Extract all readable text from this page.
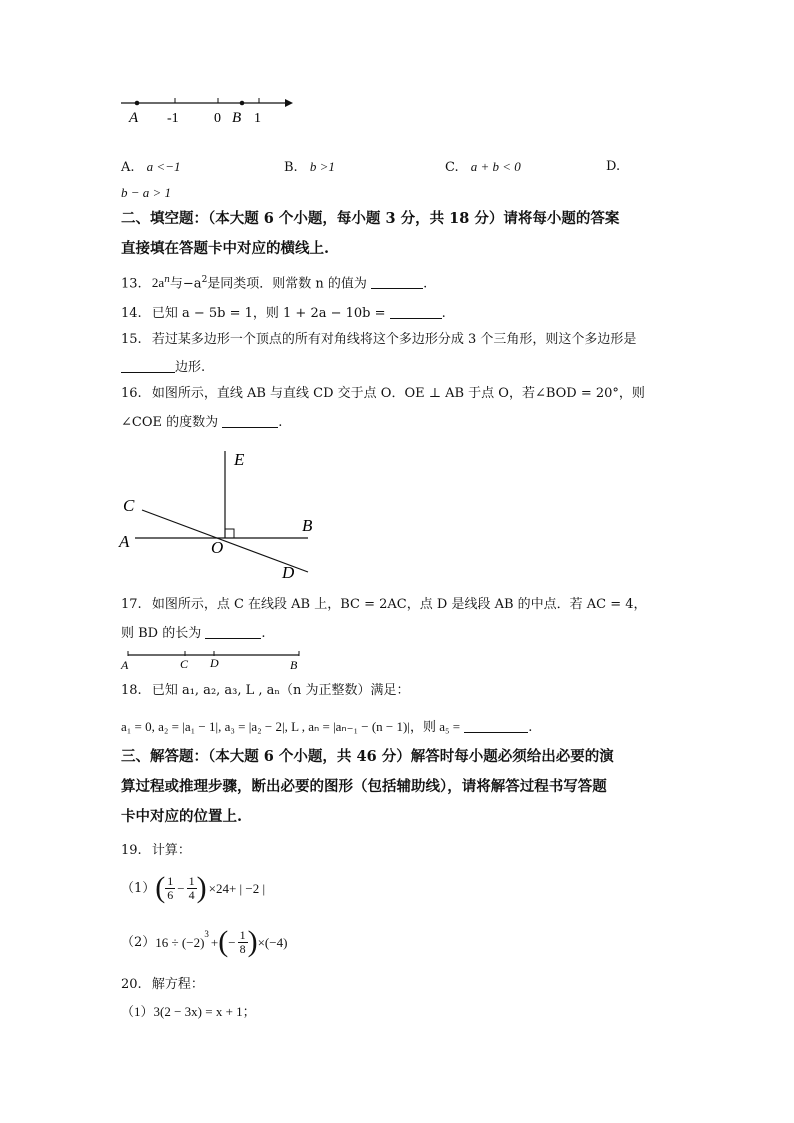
A -1	0 B 1
A. a <−1	B. b >1	C. a + b < 0	D.
b − a > 1
二、填空题：（本大题 6 个小题，每小题 3 分，共 18 分）请将每小题的答案
直接填在答题卡中对应的横线上.
13. $2a^n$与$-a^2$是同类项．则常数 n 的值为	.
14. 已知 a − 5b = 1，则 1 + 2a − 10b =	.
15. 若过某多边形一个顶点的所有对角线将这个多边形分成 3 个三角形，则这个多边形是
边形.
16. 如图所示，直线 AB 与直线 CD 交于点 O．OE ⊥ AB 于点 O，若∠BOD = 20°，则
∠COE 的度数为	.
E
C
B
A	O
D
17. 如图所示，点 C 在线段 AB 上，BC = 2AC，点 D 是线段 AB 的中点．若 AC = 4，
则 BD 的长为	.
A	C D	B
18. 已知 a₁, a₂, a₃, L , aₙ（n 为正整数）满足：
a₁ = 0, a₂ = |a₁ − 1|, a₃ = |a₂ − 2|, L , aₙ = |aₙ₋₁ − (n − 1)|，则 a₅ =	.
三、解答题：（本大题 6 个小题，共 46 分）解答时每小题必须给出必要的演
算过程或推理步骤，断出必要的图形（包括辅助线），请将解答过程书写答题
卡中对应的位置上.
19. 计算：
（1） ( $\frac{1}{6} - \frac{1}{4}$ ) ×24+ | −2 |
（2） 16 ÷ (−2)
$^3$
+ ( − $\frac{1}{8}$ ) ×(−4)
20. 解方程：
（1）3(2 − 3x) = x + 1；
